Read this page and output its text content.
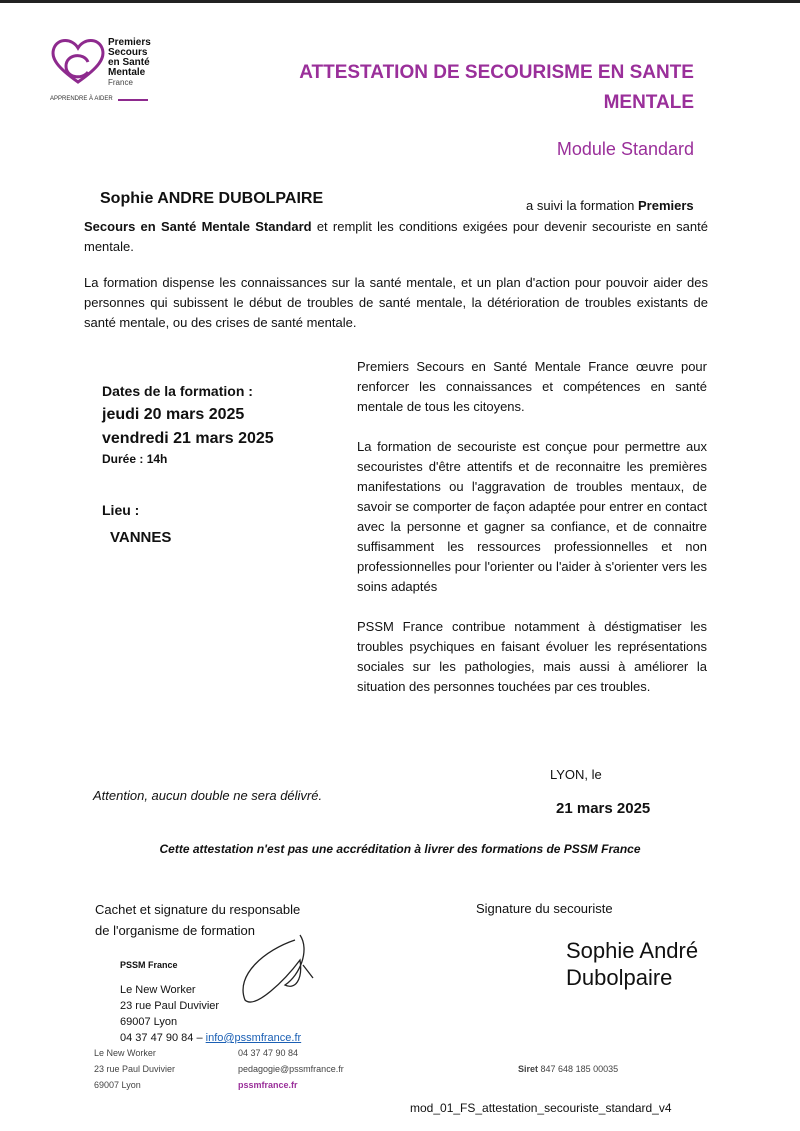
Premiers
Secours
en Santé
Mentale
France
APPRENDRE À AIDER
ATTESTATION DE SECOURISME EN SANTE
MENTALE
Module Standard
Sophie ANDRE DUBOLPAIRE	a suivi la formation Premiers
Secours en Santé Mentale Standard et remplit les conditions exigées pour devenir secouriste en santé mentale.
La formation dispense les connaissances sur la santé mentale, et un plan d'action pour pouvoir aider des personnes qui subissent le début de troubles de santé mentale, la détérioration de troubles existants de santé mentale, ou des crises de santé mentale.
Dates de la formation :
jeudi 20 mars 2025
vendredi 21 mars 2025
Durée : 14h
Lieu :
VANNES
Premiers Secours en Santé Mentale France œuvre pour renforcer les connaissances et compétences en santé mentale de tous les citoyens.
La formation de secouriste est conçue pour permettre aux secouristes d'être attentifs et de reconnaitre les premières manifestations ou l'aggravation de troubles mentaux, de savoir se comporter de façon adaptée pour entrer en contact avec la personne et gagner sa confiance, et de connaitre suffisamment les ressources professionnelles et non professionnelles pour l'orienter ou l'aider à s'orienter vers les soins adaptés
PSSM France contribue notamment à déstigmatiser les troubles psychiques en faisant évoluer les représentations sociales sur les pathologies, mais aussi à améliorer la situation des personnes touchées par ces troubles.
LYON, le
Attention, aucun double ne sera délivré.
21 mars 2025
Cette attestation n'est pas une accréditation à livrer des formations de PSSM France
Cachet et signature du responsable
de l'organisme de formation
Signature du secouriste
Sophie André
Dubolpaire
PSSM France
Le New Worker
23 rue Paul Duvivier
69007 Lyon
04 37 47 90 84 – info@pssmfrance.fr
Le New Worker
23 rue Paul Duvivier
69007 Lyon
04 37 47 90 84
pedagogie@pssmfrance.fr
pssmfrance.fr
Siret 847 648 185 00035
mod_01_FS_attestation_secouriste_standard_v4
